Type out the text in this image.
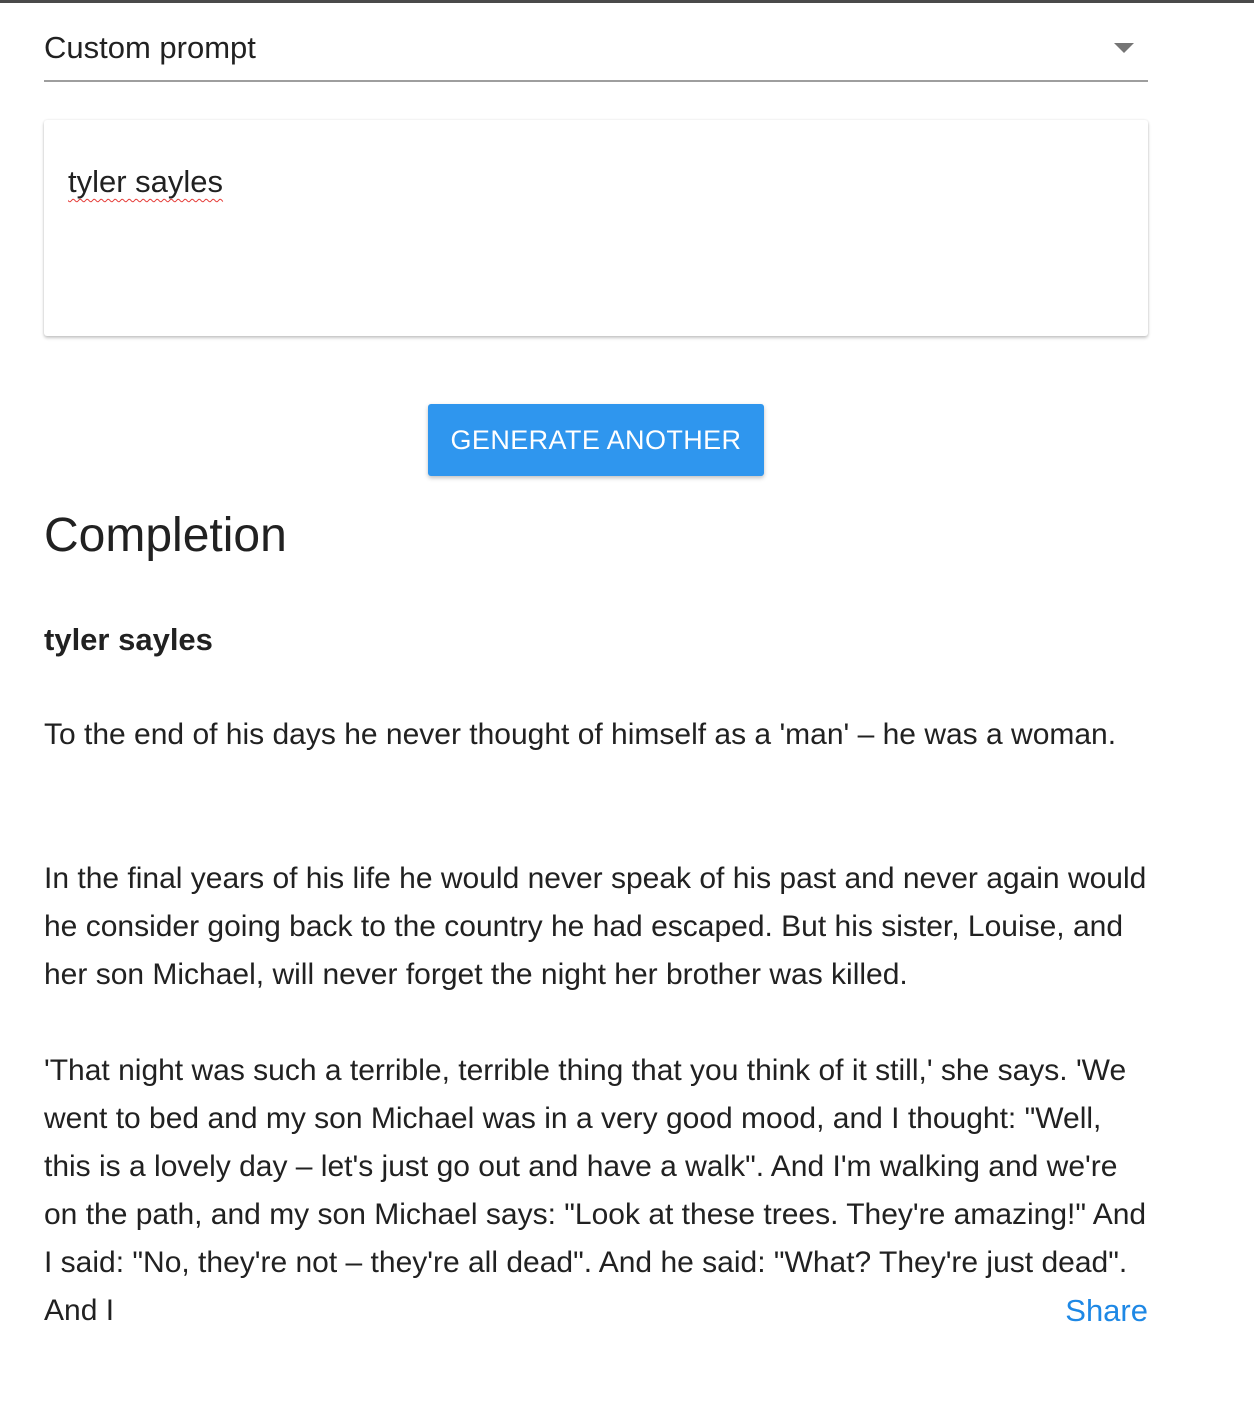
Custom prompt
tyler sayles
GENERATE ANOTHER
Completion
tyler sayles

To the end of his days he never thought of himself as a 'man' – he was a woman.

In the final years of his life he would never speak of his past and never again would he consider going back to the country he had escaped. But his sister, Louise, and her son Michael, will never forget the night her brother was killed.

'That night was such a terrible, terrible thing that you think of it still,' she says. 'We went to bed and my son Michael was in a very good mood, and I thought: "Well, this is a lovely day – let's just go out and have a walk". And I'm walking and we're on the path, and my son Michael says: "Look at these trees. They're amazing!" And I said: "No, they're not – they're all dead". And he said: "What? They're just dead". And I	Share
